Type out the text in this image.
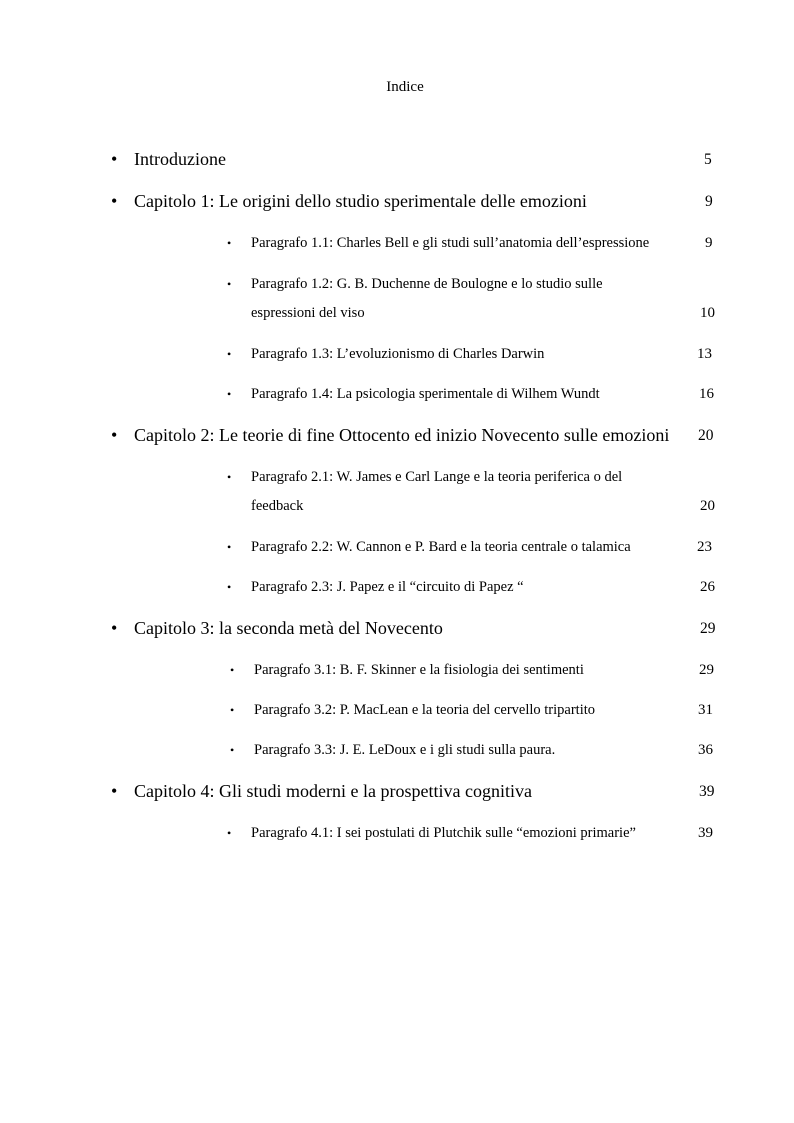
Indice
• Introduzione	5
• Capitolo 1: Le origini dello studio sperimentale delle emozioni	9
• Paragrafo 1.1: Charles Bell e gli studi sull’anatomia dell’espressione	9
• Paragrafo 1.2: G. B. Duchenne de Boulogne e lo studio sulle
espressioni del viso	10
• Paragrafo 1.3: L’evoluzionismo di Charles Darwin	13
• Paragrafo 1.4: La psicologia sperimentale di Wilhem Wundt	16
• Capitolo 2: Le teorie di fine Ottocento ed inizio Novecento sulle emozioni 20
• Paragrafo 2.1: W. James e Carl Lange e la teoria periferica o del
feedback	20
• Paragrafo 2.2: W. Cannon e P. Bard e la teoria centrale o talamica	23
• Paragrafo 2.3: J. Papez e il “circuito di Papez “	26
• Capitolo 3: la seconda metà del Novecento	29
• Paragrafo 3.1: B. F. Skinner e la fisiologia dei sentimenti	29
• Paragrafo 3.2: P. MacLean e la teoria del cervello tripartito	31
• Paragrafo 3.3: J. E. LeDoux e i gli studi sulla paura.	36
• Capitolo 4: Gli studi moderni e la prospettiva cognitiva	39
• Paragrafo 4.1: I sei postulati di Plutchik sulle “emozioni primarie”	39
